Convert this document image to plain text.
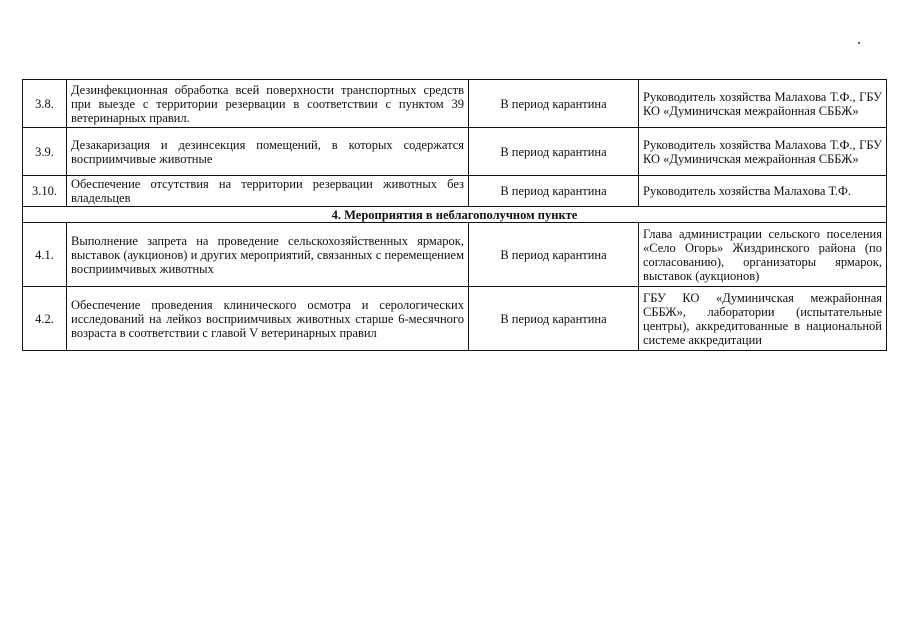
3.8.	Дезинфекционная обработка всей поверхности транспортных средств при выезде с территории резервации в соответствии с пунктом 39 ветеринарных правил.	В период карантина	Руководитель хозяйства Малахова Т.Ф., ГБУ КО «Думиничская межрайонная СББЖ»
3.9.	Дезакаризация и дезинсекция помещений, в которых содержатся восприимчивые животные	В период карантина	Руководитель хозяйства Малахова Т.Ф., ГБУ КО «Думиничская межрайонная СББЖ»
3.10.	Обеспечение отсутствия на территории резервации животных без владельцев	В период карантина	Руководитель хозяйства Малахова Т.Ф.
4. Мероприятия в неблагополучном пункте			
4.1.	Выполнение запрета на проведение сельскохозяйственных ярмарок, выставок (аукционов) и других мероприятий, связанных с перемещением восприимчивых животных	В период карантина	Глава администрации сельского поселения «Село Огорь» Жиздринского района (по согласованию), организаторы ярмарок, выставок (аукционов)
4.2.	Обеспечение проведения клинического осмотра и серологических исследований на лейкоз восприимчивых животных старше 6-месячного возраста в соответствии с главой V ветеринарных правил	В период карантина	ГБУ КО «Думиничская межрайонная СББЖ», лаборатории (испытательные центры), аккредитованные в национальной системе аккредитации
